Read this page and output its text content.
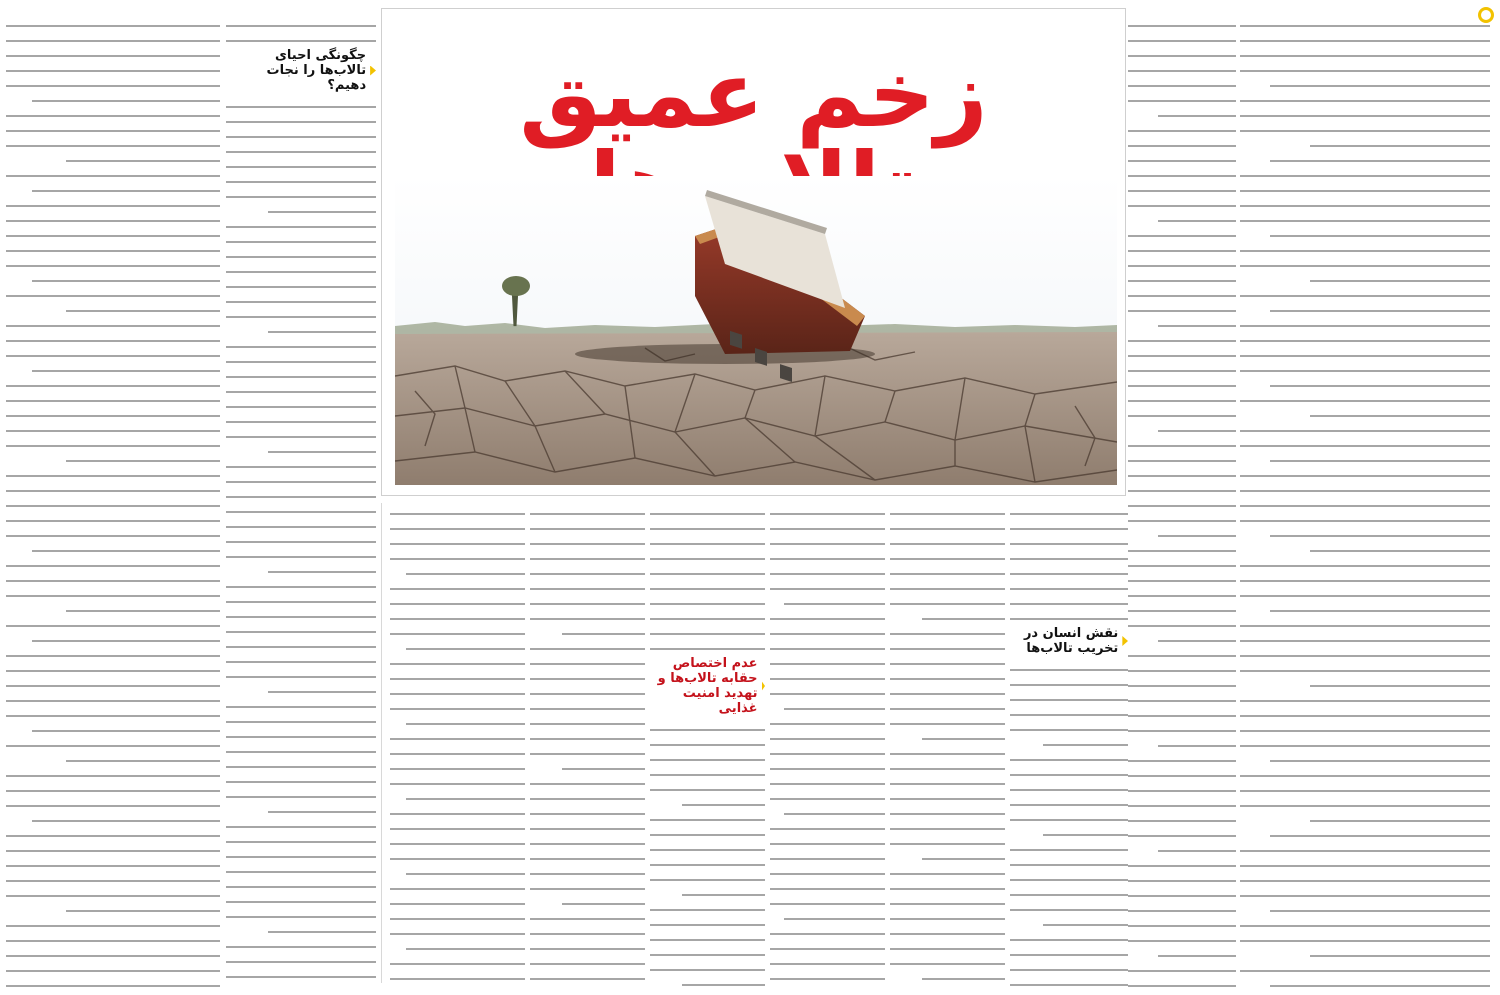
زخم عمیق
نقش انسان در تخریب تالاب‌ها
عدم اختصاص حقابه تالاب‌ها و تهدید امنیت غذایی
چگونگی احیای تالاب‌ها را نجات دهیم؟
